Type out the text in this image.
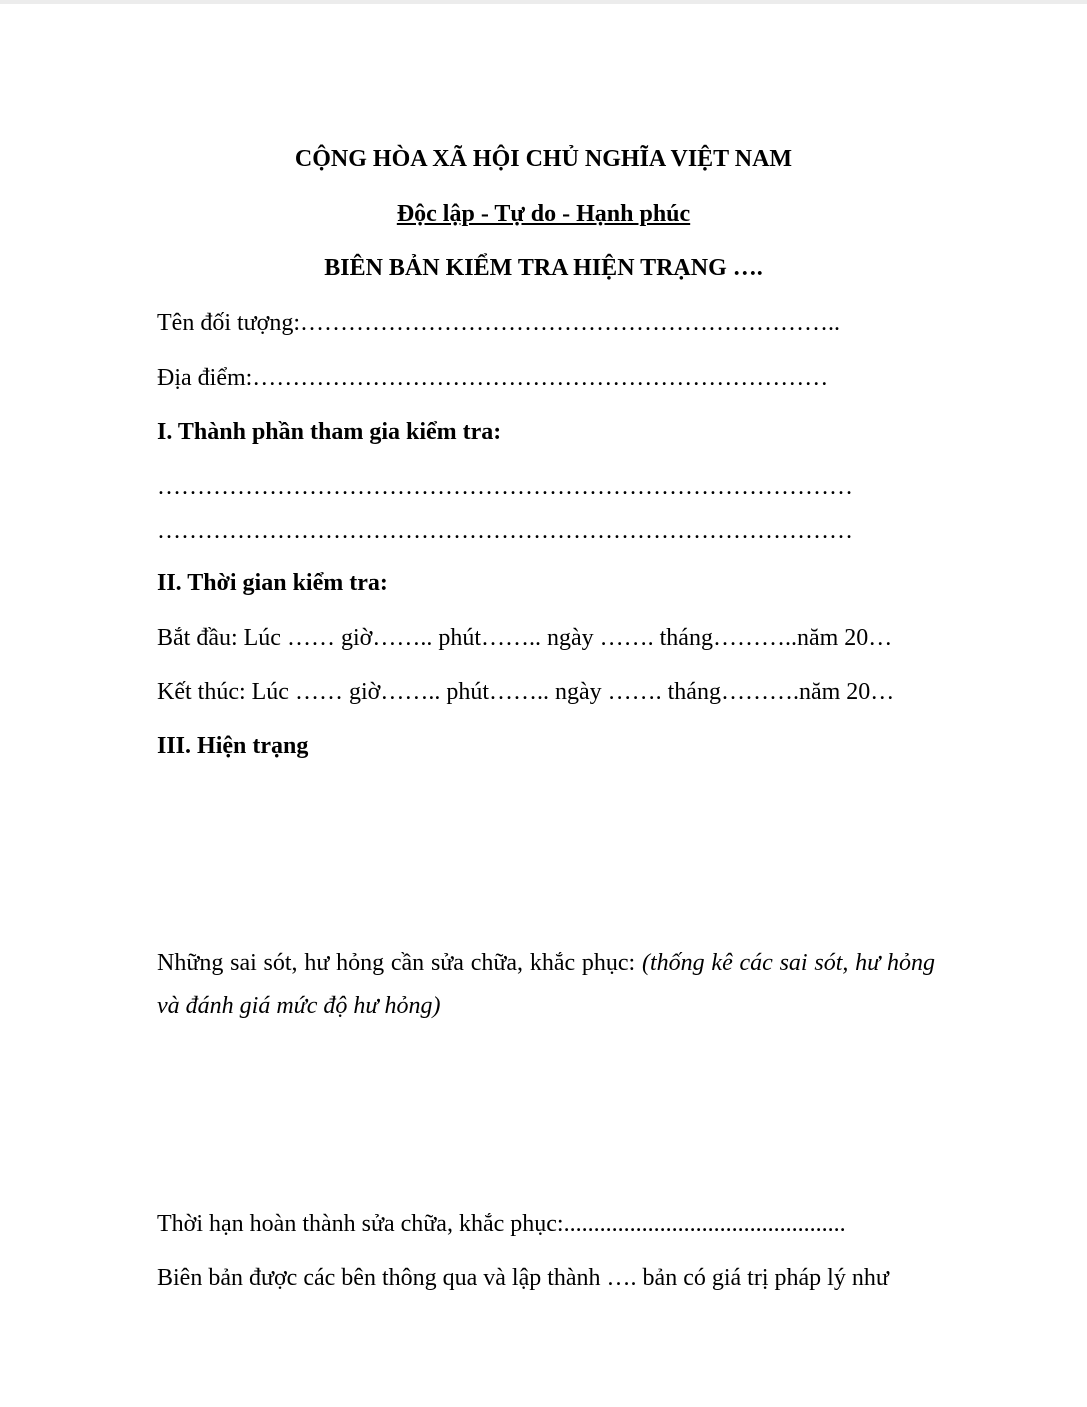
CỘNG HÒA XÃ HỘI CHỦ NGHĨA VIỆT NAM
Độc lập - Tự do - Hạnh phúc
BIÊN BẢN KIỂM TRA HIỆN TRẠNG ….
Tên đối tượng:…………………………………………………………..
Địa điểm:………………………………………………………………
I. Thành phần tham gia kiểm tra:
……………………………………………………………………………
……………………………………………………………………………
II. Thời gian kiểm tra:
Bắt đầu: Lúc …… giờ…….. phút…….. ngày ……. tháng………..năm 20…
Kết thúc: Lúc …… giờ…….. phút…….. ngày ……. tháng……….năm 20…
III. Hiện trạng
Những sai sót, hư hỏng cần sửa chữa, khắc phục: (thống kê các sai sót, hư hỏng và đánh giá mức độ hư hỏng)
Thời hạn hoàn thành sửa chữa, khắc phục:...............................................
Biên bản được các bên thông qua và lập thành …. bản có giá trị pháp lý như
